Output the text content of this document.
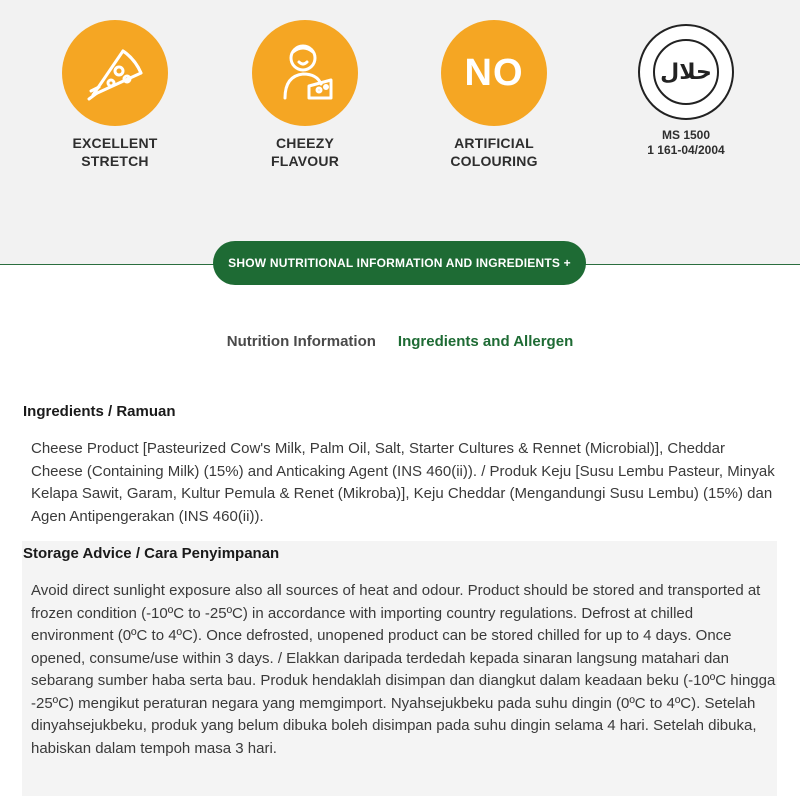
EXCELLENT
STRETCH
CHEEZY
FLAVOUR
NO
ARTIFICIAL
COLOURING
حلال
MS 1500
1 161-04/2004
SHOW NUTRITIONAL INFORMATION AND INGREDIENTS +
Nutrition Information Ingredients and Allergen
Ingredients / Ramuan
Cheese Product [Pasteurized Cow's Milk, Palm Oil, Salt, Starter Cultures & Rennet (Microbial)], Cheddar Cheese (Containing Milk) (15%) and Anticaking Agent (INS 460(ii)). / Produk Keju [Susu Lembu Pasteur, Minyak Kelapa Sawit, Garam, Kultur Pemula & Renet (Mikroba)], Keju Cheddar (Mengandungi Susu Lembu) (15%) dan Agen Antipengerakan (INS 460(ii)).
Storage Advice / Cara Penyimpanan
Avoid direct sunlight exposure also all sources of heat and odour. Product should be stored and transported at frozen condition (-10ºC to -25ºC) in accordance with importing country regulations. Defrost at chilled environment (0ºC to 4ºC). Once defrosted, unopened product can be stored chilled for up to 4 days. Once opened, consume/use within 3 days. / Elakkan daripada terdedah kepada sinaran langsung matahari dan sebarang sumber haba serta bau. Produk hendaklah disimpan dan diangkut dalam keadaan beku (-10ºC hingga -25ºC) mengikut peraturan negara yang memgimport. Nyahsejukbeku pada suhu dingin (0ºC to 4ºC). Setelah dinyahsejukbeku, produk yang belum dibuka boleh disimpan pada suhu dingin selama 4 hari. Setelah dibuka, habiskan dalam tempoh masa 3 hari.
